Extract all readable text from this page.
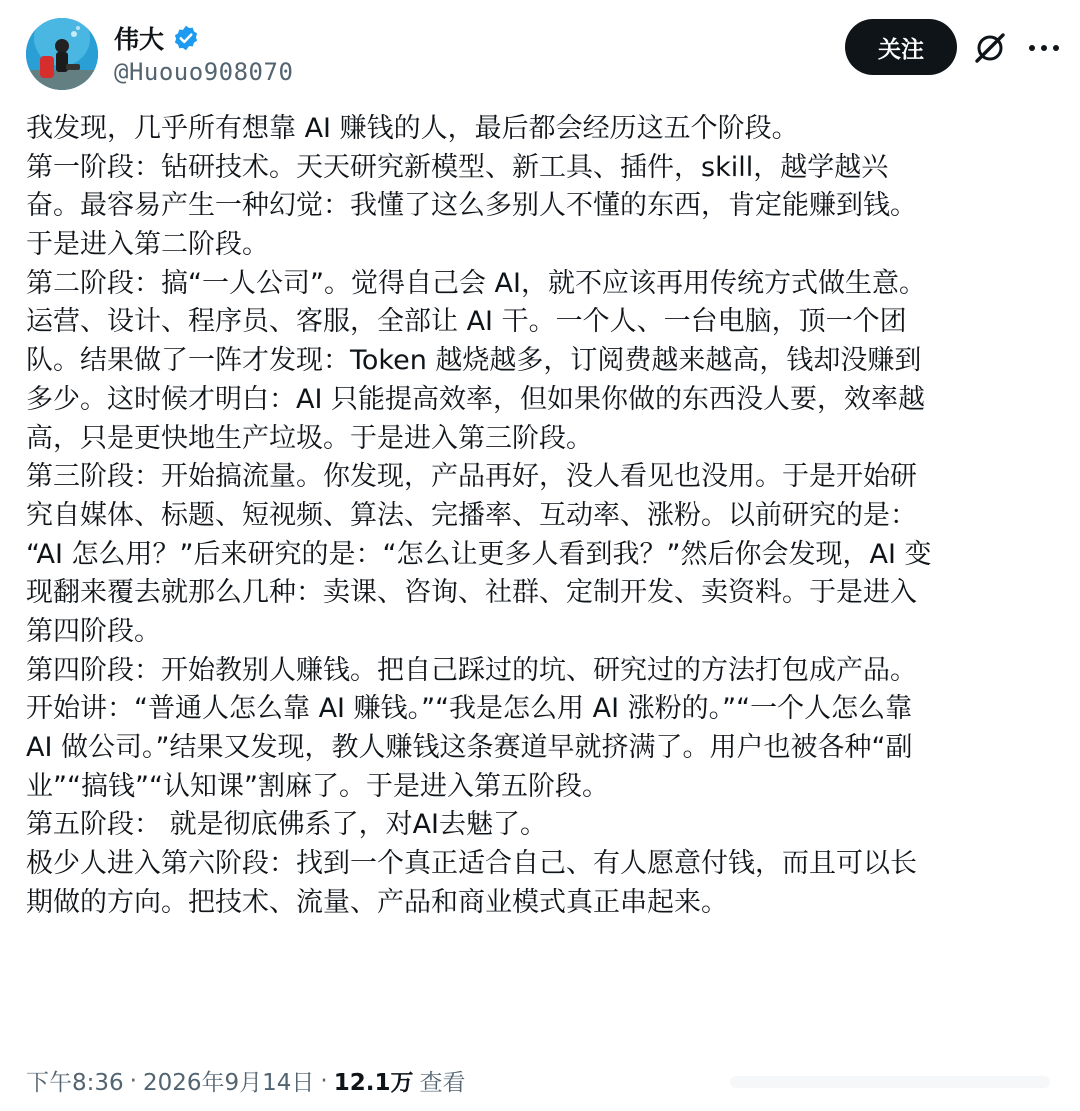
伟大
@Huouo908070
关注
我发现，几乎所有想靠 AI 赚钱的人，最后都会经历这五个阶段。
第一阶段：钻研技术。天天研究新模型、新工具、插件，skill，越学越兴
奋。最容易产生一种幻觉：我懂了这么多别人不懂的东西，肯定能赚到钱。
于是进入第二阶段。
第二阶段：搞“一人公司”。觉得自己会 AI，就不应该再用传统方式做生意。
运营、设计、程序员、客服，全部让 AI 干。一个人、一台电脑，顶一个团
队。结果做了一阵才发现：Token 越烧越多，订阅费越来越高，钱却没赚到
多少。这时候才明白：AI 只能提高效率，但如果你做的东西没人要，效率越
高，只是更快地生产垃圾。于是进入第三阶段。
第三阶段：开始搞流量。你发现，产品再好，没人看见也没用。于是开始研
究自媒体、标题、短视频、算法、完播率、互动率、涨粉。以前研究的是：
“AI 怎么用？”后来研究的是：“怎么让更多人看到我？”然后你会发现，AI 变
现翻来覆去就那么几种：卖课、咨询、社群、定制开发、卖资料。于是进入
第四阶段。
第四阶段：开始教别人赚钱。把自己踩过的坑、研究过的方法打包成产品。
开始讲：“普通人怎么靠 AI 赚钱。”“我是怎么用 AI 涨粉的。”“一个人怎么靠
AI 做公司。”结果又发现，教人赚钱这条赛道早就挤满了。用户也被各种“副
业”“搞钱”“认知课”割麻了。于是进入第五阶段。
第五阶段： 就是彻底佛系了，对AI去魅了。
极少人进入第六阶段：找到一个真正适合自己、有人愿意付钱，而且可以长
期做的方向。把技术、流量、产品和商业模式真正串起来。
下午8:36 · 2026年9月14日 · 12.1万 查看
